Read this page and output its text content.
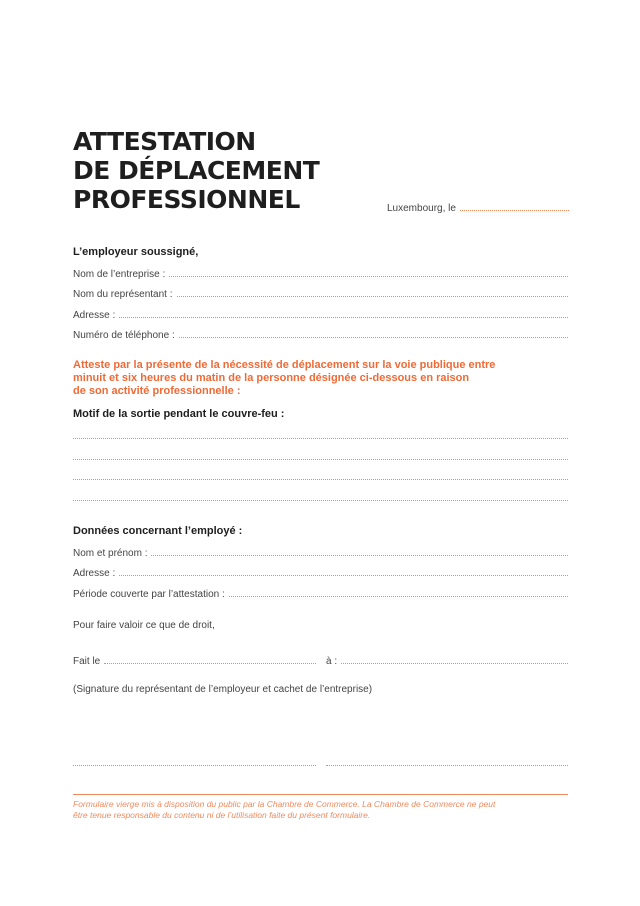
ATTESTATION
DE DÉPLACEMENT
PROFESSIONNEL	Luxembourg, le
L’employeur soussigné,
Nom de l’entreprise :
Nom du représentant :
Adresse :
Numéro de téléphone :
Atteste par la présente de la nécessité de déplacement sur la voie publique entre
minuit et six heures du matin de la personne désignée ci-dessous en raison
de son activité professionnelle :
Motif de la sortie pendant le couvre-feu :
Données concernant l’employé :
Nom et prénom :
Adresse :
Période couverte par l’attestation :
Pour faire valoir ce que de droit,
Fait le	à :
(Signature du représentant de l’employeur et cachet de l’entreprise)
Formulaire vierge mis à disposition du public par la Chambre de Commerce. La Chambre de Commerce ne peut
être tenue responsable du contenu ni de l’utilisation faite du présent formulaire.
